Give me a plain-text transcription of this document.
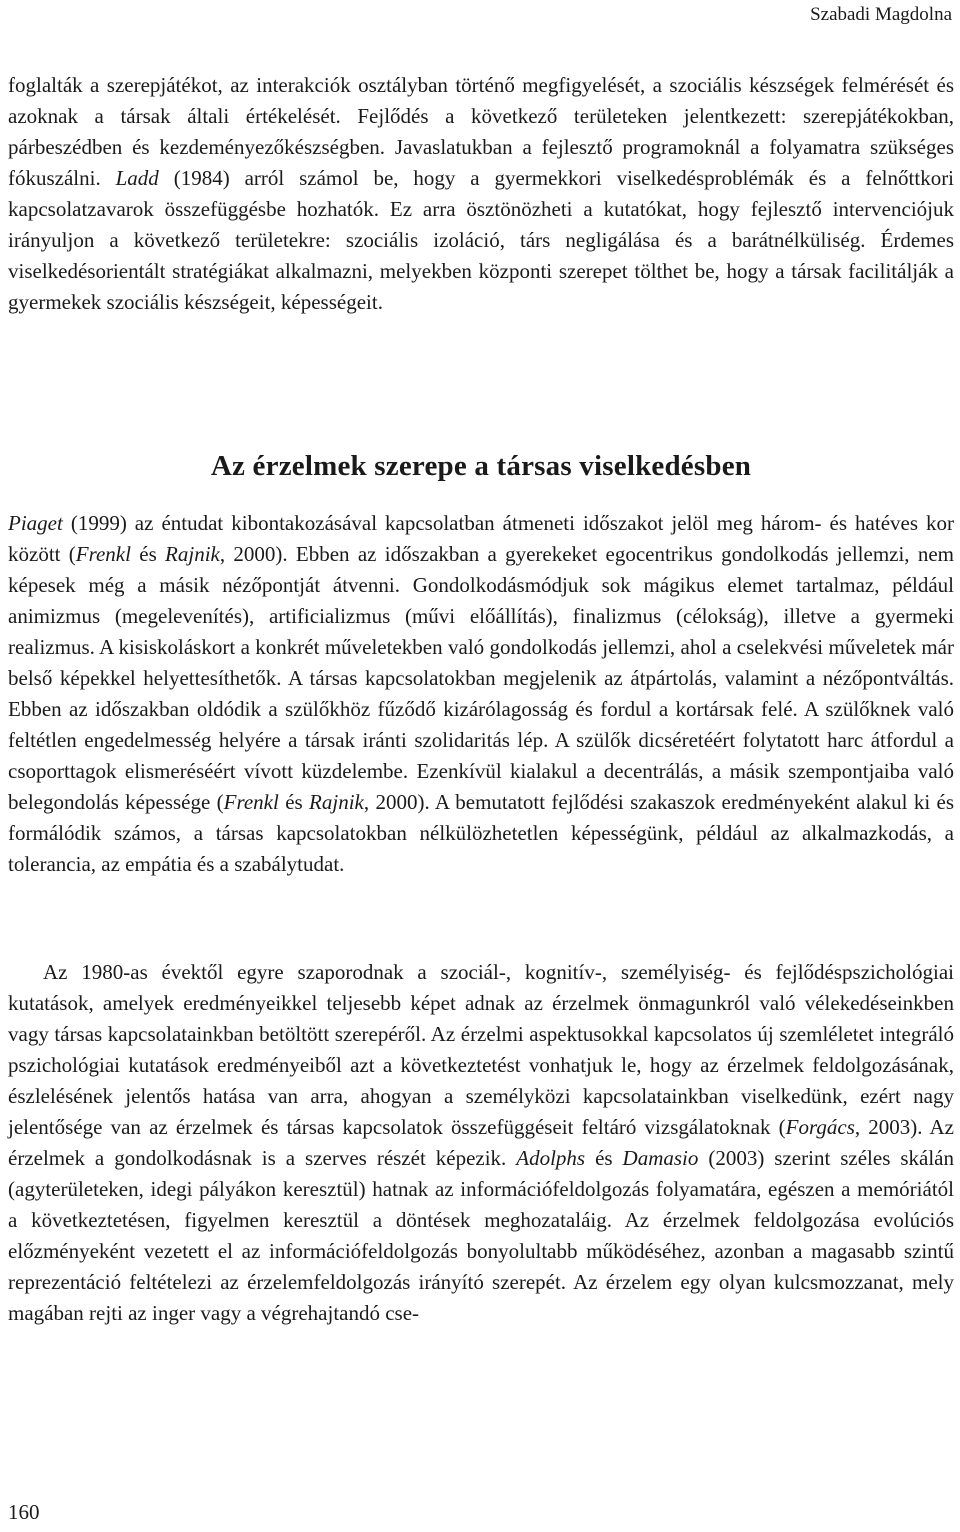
Szabadi Magdolna

foglalták a szerepjátékot, az interakciók osztályban történő megfigyelését, a szociális készségek felmérését és azoknak a társak általi értékelését. Fejlődés a következő területeken jelentkezett: szerepjátékokban, párbeszédben és kezdeményezőkészségben. Javaslatukban a fejlesztő programoknál a folyamatra szükséges fókuszálni. Ladd (1984) arról számol be, hogy a gyermekkori viselkedésproblémák és a felnőttkori kapcsolatzavarok összefüggésbe hozhatók. Ez arra ösztönözheti a kutatókat, hogy fejlesztő intervenciójuk irányuljon a következő területekre: szociális izoláció, társ negligálása és a barátnélküliség. Érdemes viselkedésorientált stratégiákat alkalmazni, melyekben központi szerepet tölthet be, hogy a társak facilitálják a gyermekek szociális készségeit, képességeit.

Az érzelmek szerepe a társas viselkedésben

Piaget (1999) az éntudat kibontakozásával kapcsolatban átmeneti időszakot jelöl meg három- és hatéves kor között (Frenkl és Rajnik, 2000). Ebben az időszakban a gyerekeket egocentrikus gondolkodás jellemzi, nem képesek még a másik nézőpontját átvenni. Gondolkodásmódjuk sok mágikus elemet tartalmaz, például animizmus (megelevenítés), artificializmus (művi előállítás), finalizmus (célokság), illetve a gyermeki realizmus. A kisiskoláskort a konkrét műveletekben való gondolkodás jellemzi, ahol a cselekvési műveletek már belső képekkel helyettesíthetők. A társas kapcsolatokban megjelenik az átpártolás, valamint a nézőpontváltás. Ebben az időszakban oldódik a szülőkhöz fűződő kizárólagosság és fordul a kortársak felé. A szülőknek való feltétlen engedelmesség helyére a társak iránti szolidaritás lép. A szülők dicséretéért folytatott harc átfordul a csoporttagok elismeréséért vívott küzdelembe. Ezenkívül kialakul a decentrálás, a másik szempontjaiba való belegondolás képessége (Frenkl és Rajnik, 2000). A bemutatott fejlődési szakaszok eredményeként alakul ki és formálódik számos, a társas kapcsolatokban nélkülözhetetlen képességünk, például az alkalmazkodás, a tolerancia, az empátia és a szabálytudat.

Az 1980-as évektől egyre szaporodnak a szociál-, kognitív-, személyiség- és fejlődéspszichológiai kutatások, amelyek eredményeikkel teljesebb képet adnak az érzelmek önmagunkról való vélekedéseinkben vagy társas kapcsolatainkban betöltött szerepéről. Az érzelmi aspektusokkal kapcsolatos új szemléletet integráló pszichológiai kutatások eredményeiből azt a következtetést vonhatjuk le, hogy az érzelmek feldolgozásának, észlelésének jelentős hatása van arra, ahogyan a személyközi kapcsolatainkban viselkedünk, ezért nagy jelentősége van az érzelmek és társas kapcsolatok összefüggéseit feltáró vizsgálatoknak (Forgács, 2003). Az érzelmek a gondolkodásnak is a szerves részét képezik. Adolphs és Damasio (2003) szerint széles skálán (agyterületeken, idegi pályákon keresztül) hatnak az információfeldolgozás folyamatára, egészen a memóriától a következtetésen, figyelmen keresztül a döntések meghozataláig. Az érzelmek feldolgozása evolúciós előzményeként vezetett el az információfeldolgozás bonyolultabb működéséhez, azonban a magasabb szintű reprezentáció feltételezi az érzelemfeldolgozás irányító szerepét. Az érzelem egy olyan kulcsmozzanat, mely magában rejti az inger vagy a végrehajtandó cse-

160
